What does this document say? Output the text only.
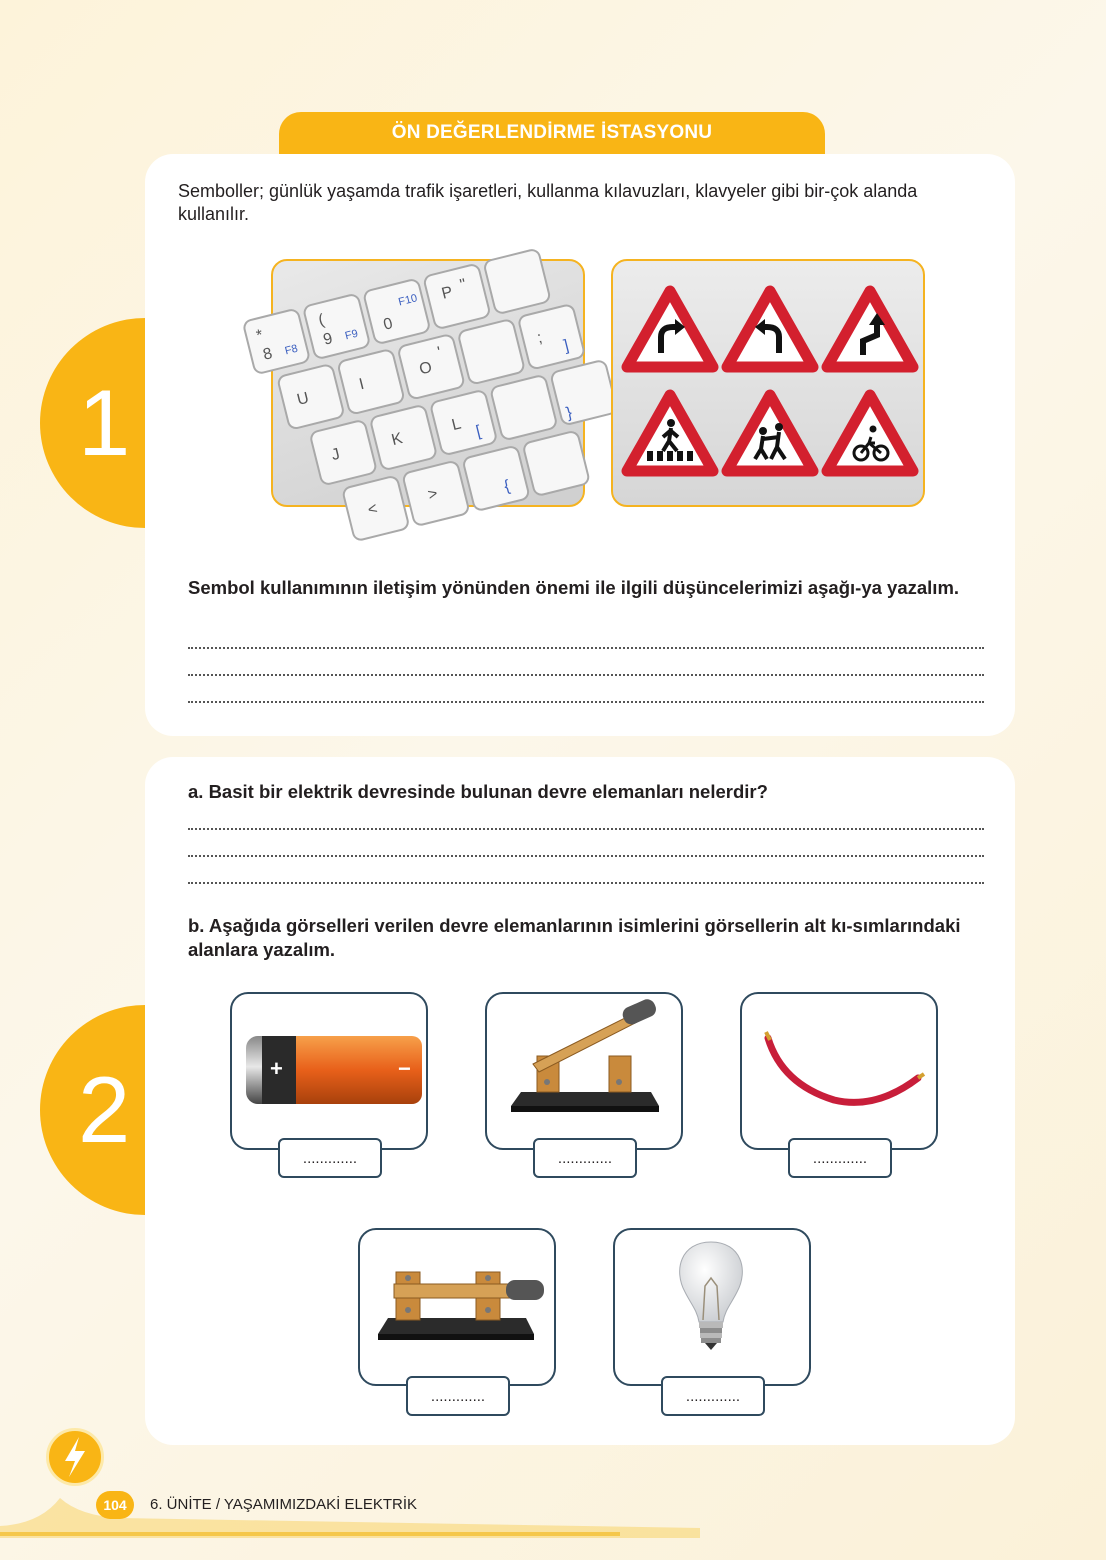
ÖN DEĞERLENDİRME İSTASYONU
1
2
Semboller; günlük yaşamda trafik işaretleri, kullanma kılavuzları, klavyeler gibi bir-çok alanda kullanılır.
*
8
(
9
0
P "
U
I
O
'
J
K
L
;
<
>
F8
F9
F10
[
]
{
}
Sembol kullanımının iletişim yönünden önemi ile ilgili düşüncelerimizi aşağı-ya yazalım.
a. Basit bir elektrik devresinde bulunan devre elemanları nelerdir?
b. Aşağıda görselleri verilen devre elemanlarının isimlerini görsellerin alt kı-sımlarındaki alanlara yazalım.
+	−
.............	.............	.............
.............	.............
104	6. ÜNİTE / YAŞAMIMIZDAKİ ELEKTRİK
